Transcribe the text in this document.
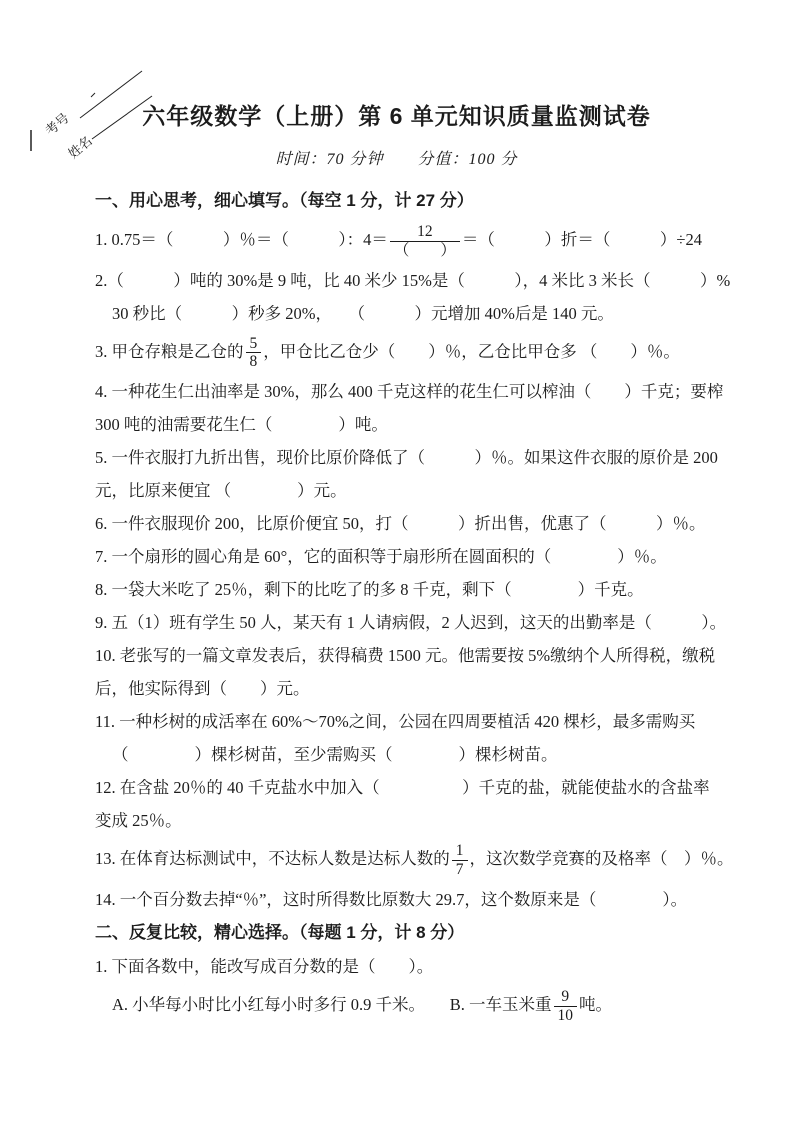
考号
姓名
六年级数学（上册）第 6 单元知识质量监测试卷
时间：70 分钟　　分值：100 分
一、用心思考，细心填写。（每空 1 分，计 27 分）
1. 0.75＝（　　　）％＝（　　　）：$4= \frac{12}{( )}$ ＝（　　　）折＝（　　　）÷24
2.（　　　）吨的 30%是 9 吨，比 40 米少 15%是（　　　），4 米比 3 米长（　　　）%
30 秒比（　　　）秒多 20%，　　（　　　）元增加 40%后是 140 元。
3. 甲仓存粮是乙仓的 $\frac{5}{8}$ ，甲仓比乙仓少（　　）％，乙仓比甲仓多 （　　）％。
4. 一种花生仁出油率是 30%，那么 400 千克这样的花生仁可以榨油（　　）千克；要榨
300 吨的油需要花生仁（　　　　）吨。
5. 一件衣服打九折出售，现价比原价降低了（　　　）％。如果这件衣服的原价是 200
元，比原来便宜 （　　　　）元。
6. 一件衣服现价 200，比原价便宜 50，打（　　　）折出售，优惠了（　　　）％。
7. 一个扇形的圆心角是 60°，它的面积等于扇形所在圆面积的（　　　　）％。
8. 一袋大米吃了 25％，剩下的比吃了的多 8 千克，剩下（　　　　）千克。
9. 五（1）班有学生 50 人，某天有 1 人请病假，2 人迟到，这天的出勤率是（　　　）。
10. 老张写的一篇文章发表后，获得稿费 1500 元。他需要按 5%缴纳个人所得税，缴税
后，他实际得到（　　）元。
11. 一种杉树的成活率在 60%～70%之间，公园在四周要植活 420 棵杉，最多需购买
（　　　　）棵杉树苗，至少需购买（　　　　）棵杉树苗。
12. 在含盐 20％的 40 千克盐水中加入（　　　　　）千克的盐，就能使盐水的含盐率
变成 25％。
13. 在体育达标测试中，不达标人数是达标人数的 $\frac{1}{7}$ ，这次数学竞赛的及格率（　）％。
14. 一个百分数去掉“％”，这时所得数比原数大 29.7，这个数原来是（　　　　）。
二、反复比较，精心选择。（每题 1 分，计 8 分）
1. 下面各数中，能改写成百分数的是（　　）。
A. 小华每小时比小红每小时多行 0.9 千米。　　B. 一车玉米重 $\frac{9}{10}$ 吨。
